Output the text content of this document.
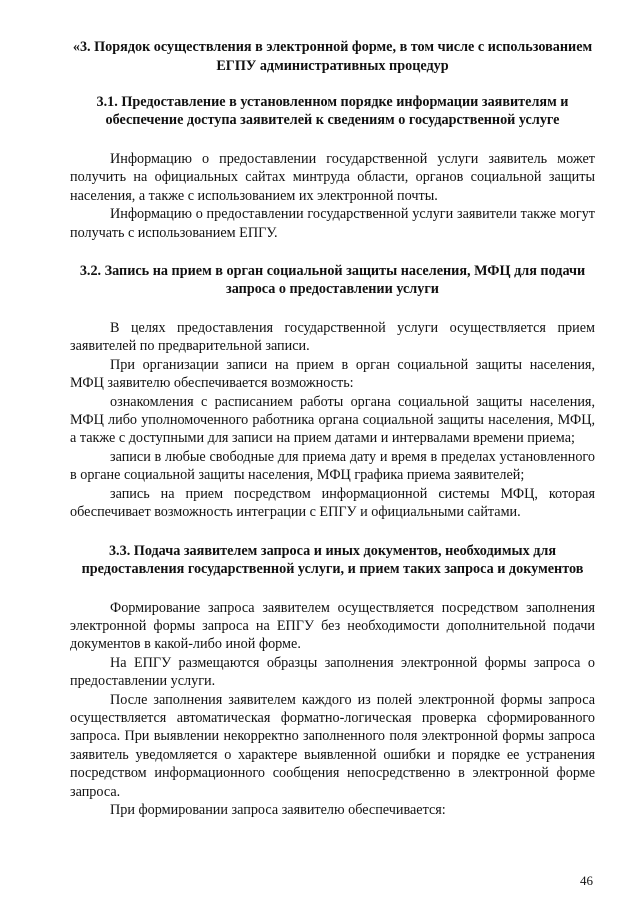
«3. Порядок осуществления в электронной форме, в том числе с использованием ЕГПУ административных процедур
3.1. Предоставление в установленном порядке информации заявителям и обеспечение доступа заявителей к сведениям о государственной услуге

Информацию о предоставлении государственной услуги заявитель может получить на официальных сайтах минтруда области, органов социальной защиты населения, а также с использованием их электронной почты.

Информацию о предоставлении государственной услуги заявители также могут получать с использованием ЕПГУ.

3.2. Запись на прием в орган социальной защиты населения, МФЦ для подачи запроса о предоставлении услуги

В целях предоставления государственной услуги осуществляется прием заявителей по предварительной записи.

При организации записи на прием в орган социальной защиты населения, МФЦ заявителю обеспечивается возможность:

ознакомления с расписанием работы органа социальной защиты населения, МФЦ либо уполномоченного работника органа социальной защиты населения, МФЦ, а также с доступными для записи на прием датами и интервалами времени приема;

записи в любые свободные для приема дату и время в пределах установленного в органе социальной защиты населения, МФЦ графика приема заявителей;

запись на прием посредством информационной системы МФЦ, которая обеспечивает возможность интеграции с ЕПГУ и официальными сайтами.

3.3. Подача заявителем запроса и иных документов, необходимых для предоставления государственной услуги, и прием таких запроса и документов

Формирование запроса заявителем осуществляется посредством заполнения электронной формы запроса на ЕПГУ без необходимости дополнительной подачи документов в какой-либо иной форме.

На ЕПГУ размещаются образцы заполнения электронной формы запроса о предоставлении услуги.

После заполнения заявителем каждого из полей электронной формы запроса осуществляется автоматическая форматно-логическая проверка сформированного запроса. При выявлении некорректно заполненного поля электронной формы запроса заявитель уведомляется о характере выявленной ошибки и порядке ее устранения посредством информационного сообщения непосредственно в электронной форме запроса.

При формировании запроса заявителю обеспечивается:

46
